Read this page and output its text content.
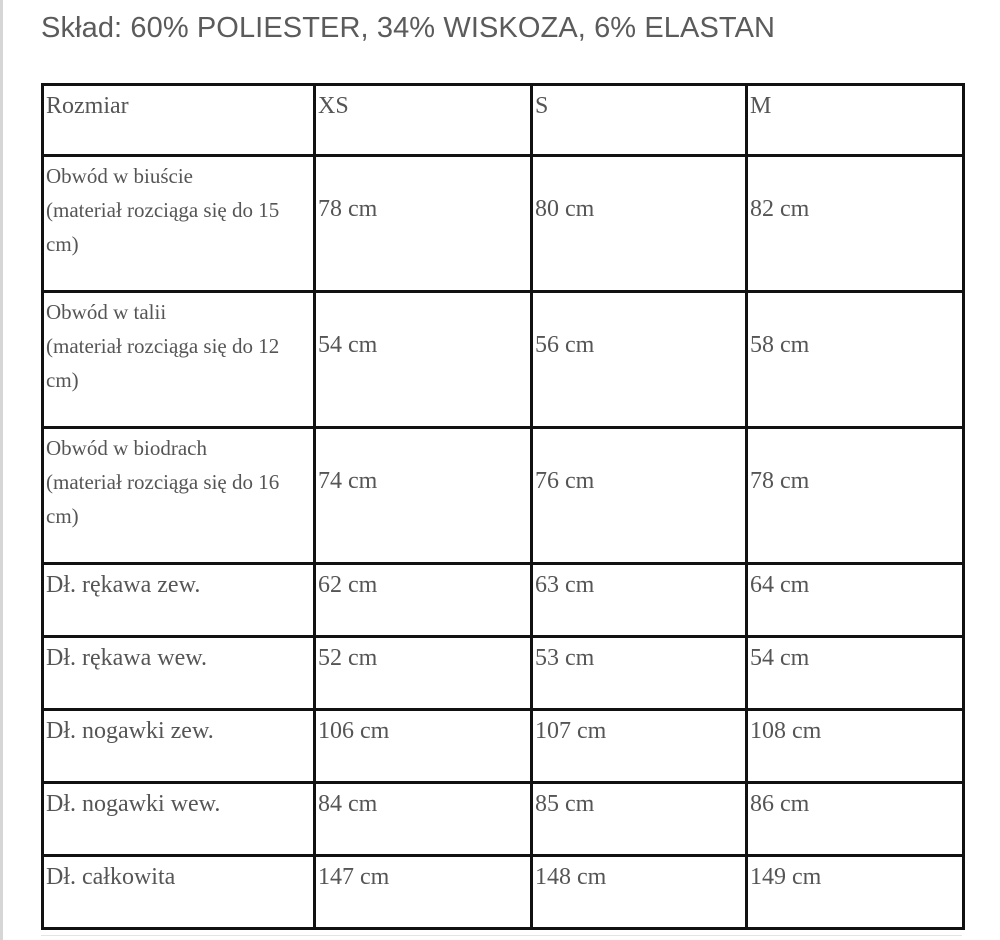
Skład: 60% POLIESTER, 34% WISKOZA, 6% ELASTAN
Rozmiar	XS	S	M

Obwód w biuście
(materiał rozciąga się do 15 cm)	78 cm	80 cm	82 cm

Obwód w talii
(materiał rozciąga się do 12 cm)	54 cm	56 cm	58 cm

Obwód w biodrach
(materiał rozciąga się do 16 cm)	74 cm	76 cm	78 cm

Dł. rękawa zew.	62 cm	63 cm	64 cm

Dł. rękawa wew.	52 cm	53 cm	54 cm

Dł. nogawki zew.	106 cm	107 cm	108 cm

Dł. nogawki wew.	84 cm	85 cm	86 cm

Dł. całkowita	147 cm	148 cm	149 cm
